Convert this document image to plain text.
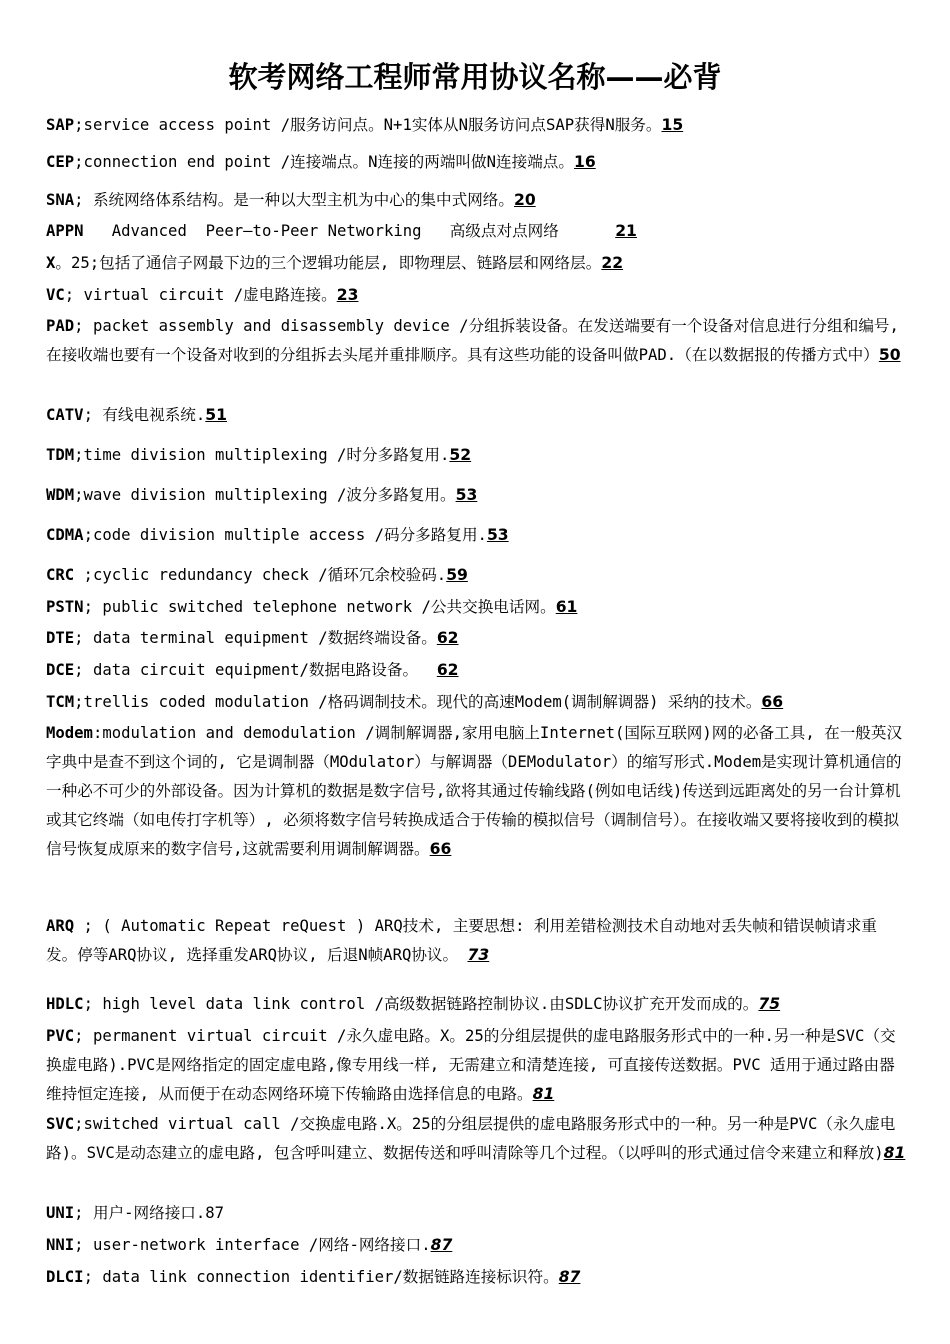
软考网络工程师常用协议名称——必背
SAP;service access point /服务访问点。N+1实体从N服务访问点SAP获得N服务。15
CEP;connection end point /连接端点。N连接的两端叫做N连接端点。16
SNA; 系统网络体系结构。是一种以大型主机为中心的集中式网络。20
APPN   Advanced  Peer—to-Peer Networking   高级点对点网络      21
X。25;包括了通信子网最下边的三个逻辑功能层, 即物理层、链路层和网络层。22
VC; virtual circuit /虚电路连接。23
PAD; packet assembly and disassembly device /分组拆装设备。在发送端要有一个设备对信息进行分组和编号, 在接收端也要有一个设备对收到的分组拆去头尾并重排顺序。具有这些功能的设备叫做PAD.（在以数据报的传播方式中）50
CATV; 有线电视系统.51
TDM;time division multiplexing /时分多路复用.52
WDM;wave division multiplexing /波分多路复用。53
CDMA;code division multiple access /码分多路复用.53
CRC ;cyclic redundancy check /循环冗余校验码.59
PSTN; public switched telephone network /公共交换电话网。61
DTE; data terminal equipment /数据终端设备。62
DCE; data circuit equipment/数据电路设备。  62
TCM;trellis coded modulation /格码调制技术。现代的高速Modem(调制解调器) 采纳的技术。66
Modem:modulation and demodulation /调制解调器,家用电脑上Internet(国际互联网)网的必备工具, 在一般英汉字典中是查不到这个词的, 它是调制器（MOdulator）与解调器（DEModulator）的缩写形式.Modem是实现计算机通信的一种必不可少的外部设备。因为计算机的数据是数字信号,欲将其通过传输线路(例如电话线)传送到远距离处的另一台计算机或其它终端（如电传打字机等）, 必须将数字信号转换成适合于传输的模拟信号（调制信号）。在接收端又要将接收到的模拟信号恢复成原来的数字信号,这就需要利用调制解调器。66
ARQ ; ( Automatic Repeat reQuest ) ARQ技术, 主要思想: 利用差错检测技术自动地对丢失帧和错误帧请求重发。停等ARQ协议, 选择重发ARQ协议, 后退N帧ARQ协议。 73
HDLC; high level data link control /高级数据链路控制协议.由SDLC协议扩充开发而成的。75
PVC; permanent virtual circuit /永久虚电路。X。25的分组层提供的虚电路服务形式中的一种.另一种是SVC（交换虚电路).PVC是网络指定的固定虚电路,像专用线一样, 无需建立和清楚连接, 可直接传送数据。PVC 适用于通过路由器维持恒定连接, 从而便于在动态网络环境下传输路由选择信息的电路。81
SVC;switched virtual call /交换虚电路.X。25的分组层提供的虚电路服务形式中的一种。另一种是PVC（永久虚电路)。SVC是动态建立的虚电路, 包含呼叫建立、数据传送和呼叫清除等几个过程。（以呼叫的形式通过信令来建立和释放)81
UNI; 用户-网络接口.87
NNI; user-network interface /网络-网络接口.87
DLCI; data link connection identifier/数据链路连接标识符。87
